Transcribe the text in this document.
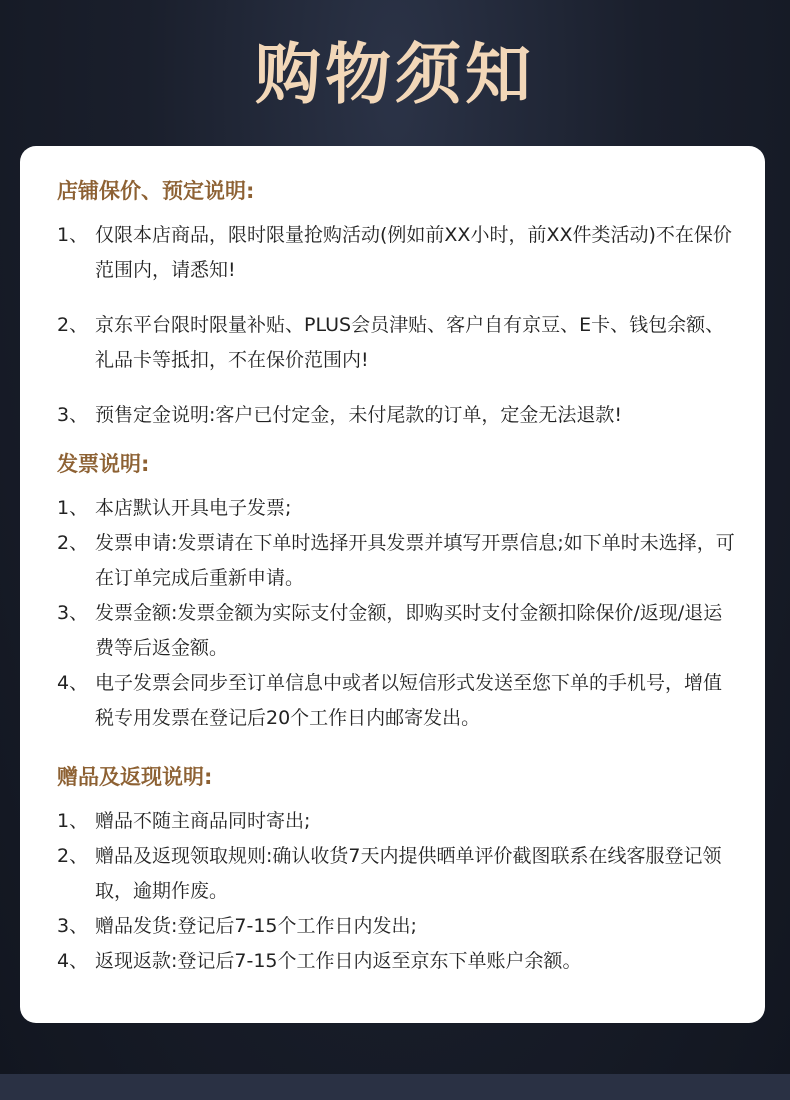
购物须知
店铺保价、预定说明:
1、 仅限本店商品，限时限量抢购活动(例如前XX小时，前XX件类活动)不在保价范围内，请悉知!
2、 京东平台限时限量补贴、PLUS会员津贴、客户自有京豆、E卡、钱包余额、礼品卡等抵扣，不在保价范围内!
3、 预售定金说明:客户已付定金，未付尾款的订单，定金无法退款!
发票说明:
1、 本店默认开具电子发票;
2、 发票申请:发票请在下单时选择开具发票并填写开票信息;如下单时未选择，可在订单完成后重新申请。
3、 发票金额:发票金额为实际支付金额，即购买时支付金额扣除保价/返现/退运费等后返金额。
4、 电子发票会同步至订单信息中或者以短信形式发送至您下单的手机号，增值税专用发票在登记后20个工作日内邮寄发出。
赠品及返现说明:
1、 赠品不随主商品同时寄出;
2、 赠品及返现领取规则:确认收货7天内提供晒单评价截图联系在线客服登记领取，逾期作废。
3、 赠品发货:登记后7-15个工作日内发出;
4、 返现返款:登记后7-15个工作日内返至京东下单账户余额。
